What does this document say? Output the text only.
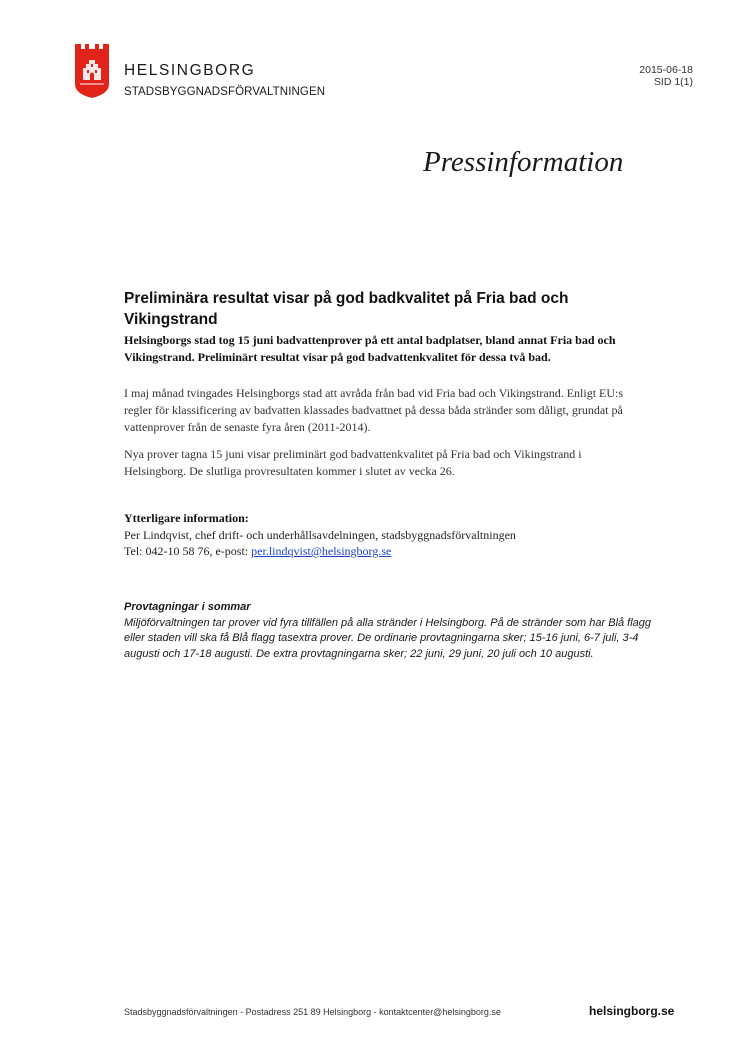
HELSINGBORG
STADSBYGGNADSFÖRVALTNINGEN
2015-06-18
SID 1(1)
Pressinformation
Preliminära resultat visar på god badkvalitet på Fria bad och Vikingstrand

Helsingborgs stad tog 15 juni badvattenprover på ett antal badplatser, bland annat Fria bad och Vikingstrand. Preliminärt resultat visar på god badvattenkvalitet för dessa två bad.

I maj månad tvingades Helsingborgs stad att avråda från bad vid Fria bad och Vikingstrand. Enligt EU:s regler för klassificering av badvatten klassades badvattnet på dessa båda stränder som dåligt, grundat på vattenprover från de senaste fyra åren (2011-2014).

Nya prover tagna 15 juni visar preliminärt god badvattenkvalitet på Fria bad och Vikingstrand i Helsingborg. De slutliga provresultaten kommer i slutet av vecka 26.

Ytterligare information:
Per Lindqvist, chef drift- och underhållsavdelningen, stadsbyggnadsförvaltningen
Tel: 042-10 58 76, e-post: per.lindqvist@helsingborg.se
Provtagningar i sommar
Miljöförvaltningen tar prover vid fyra tillfällen på alla stränder i Helsingborg. På de stränder som har Blå flagg eller staden vill ska få Blå flagg tasextra prover. De ordinarie provtagningarna sker; 15-16 juni, 6-7 juli, 3-4 augusti och 17-18 augusti. De extra provtagningarna sker; 22 juni, 29 juni, 20 juli och 10 augusti.
Stadsbyggnadsförvaltningen - Postadress 251 89 Helsingborg - kontaktcenter@helsingborg.se	helsingborg.se
